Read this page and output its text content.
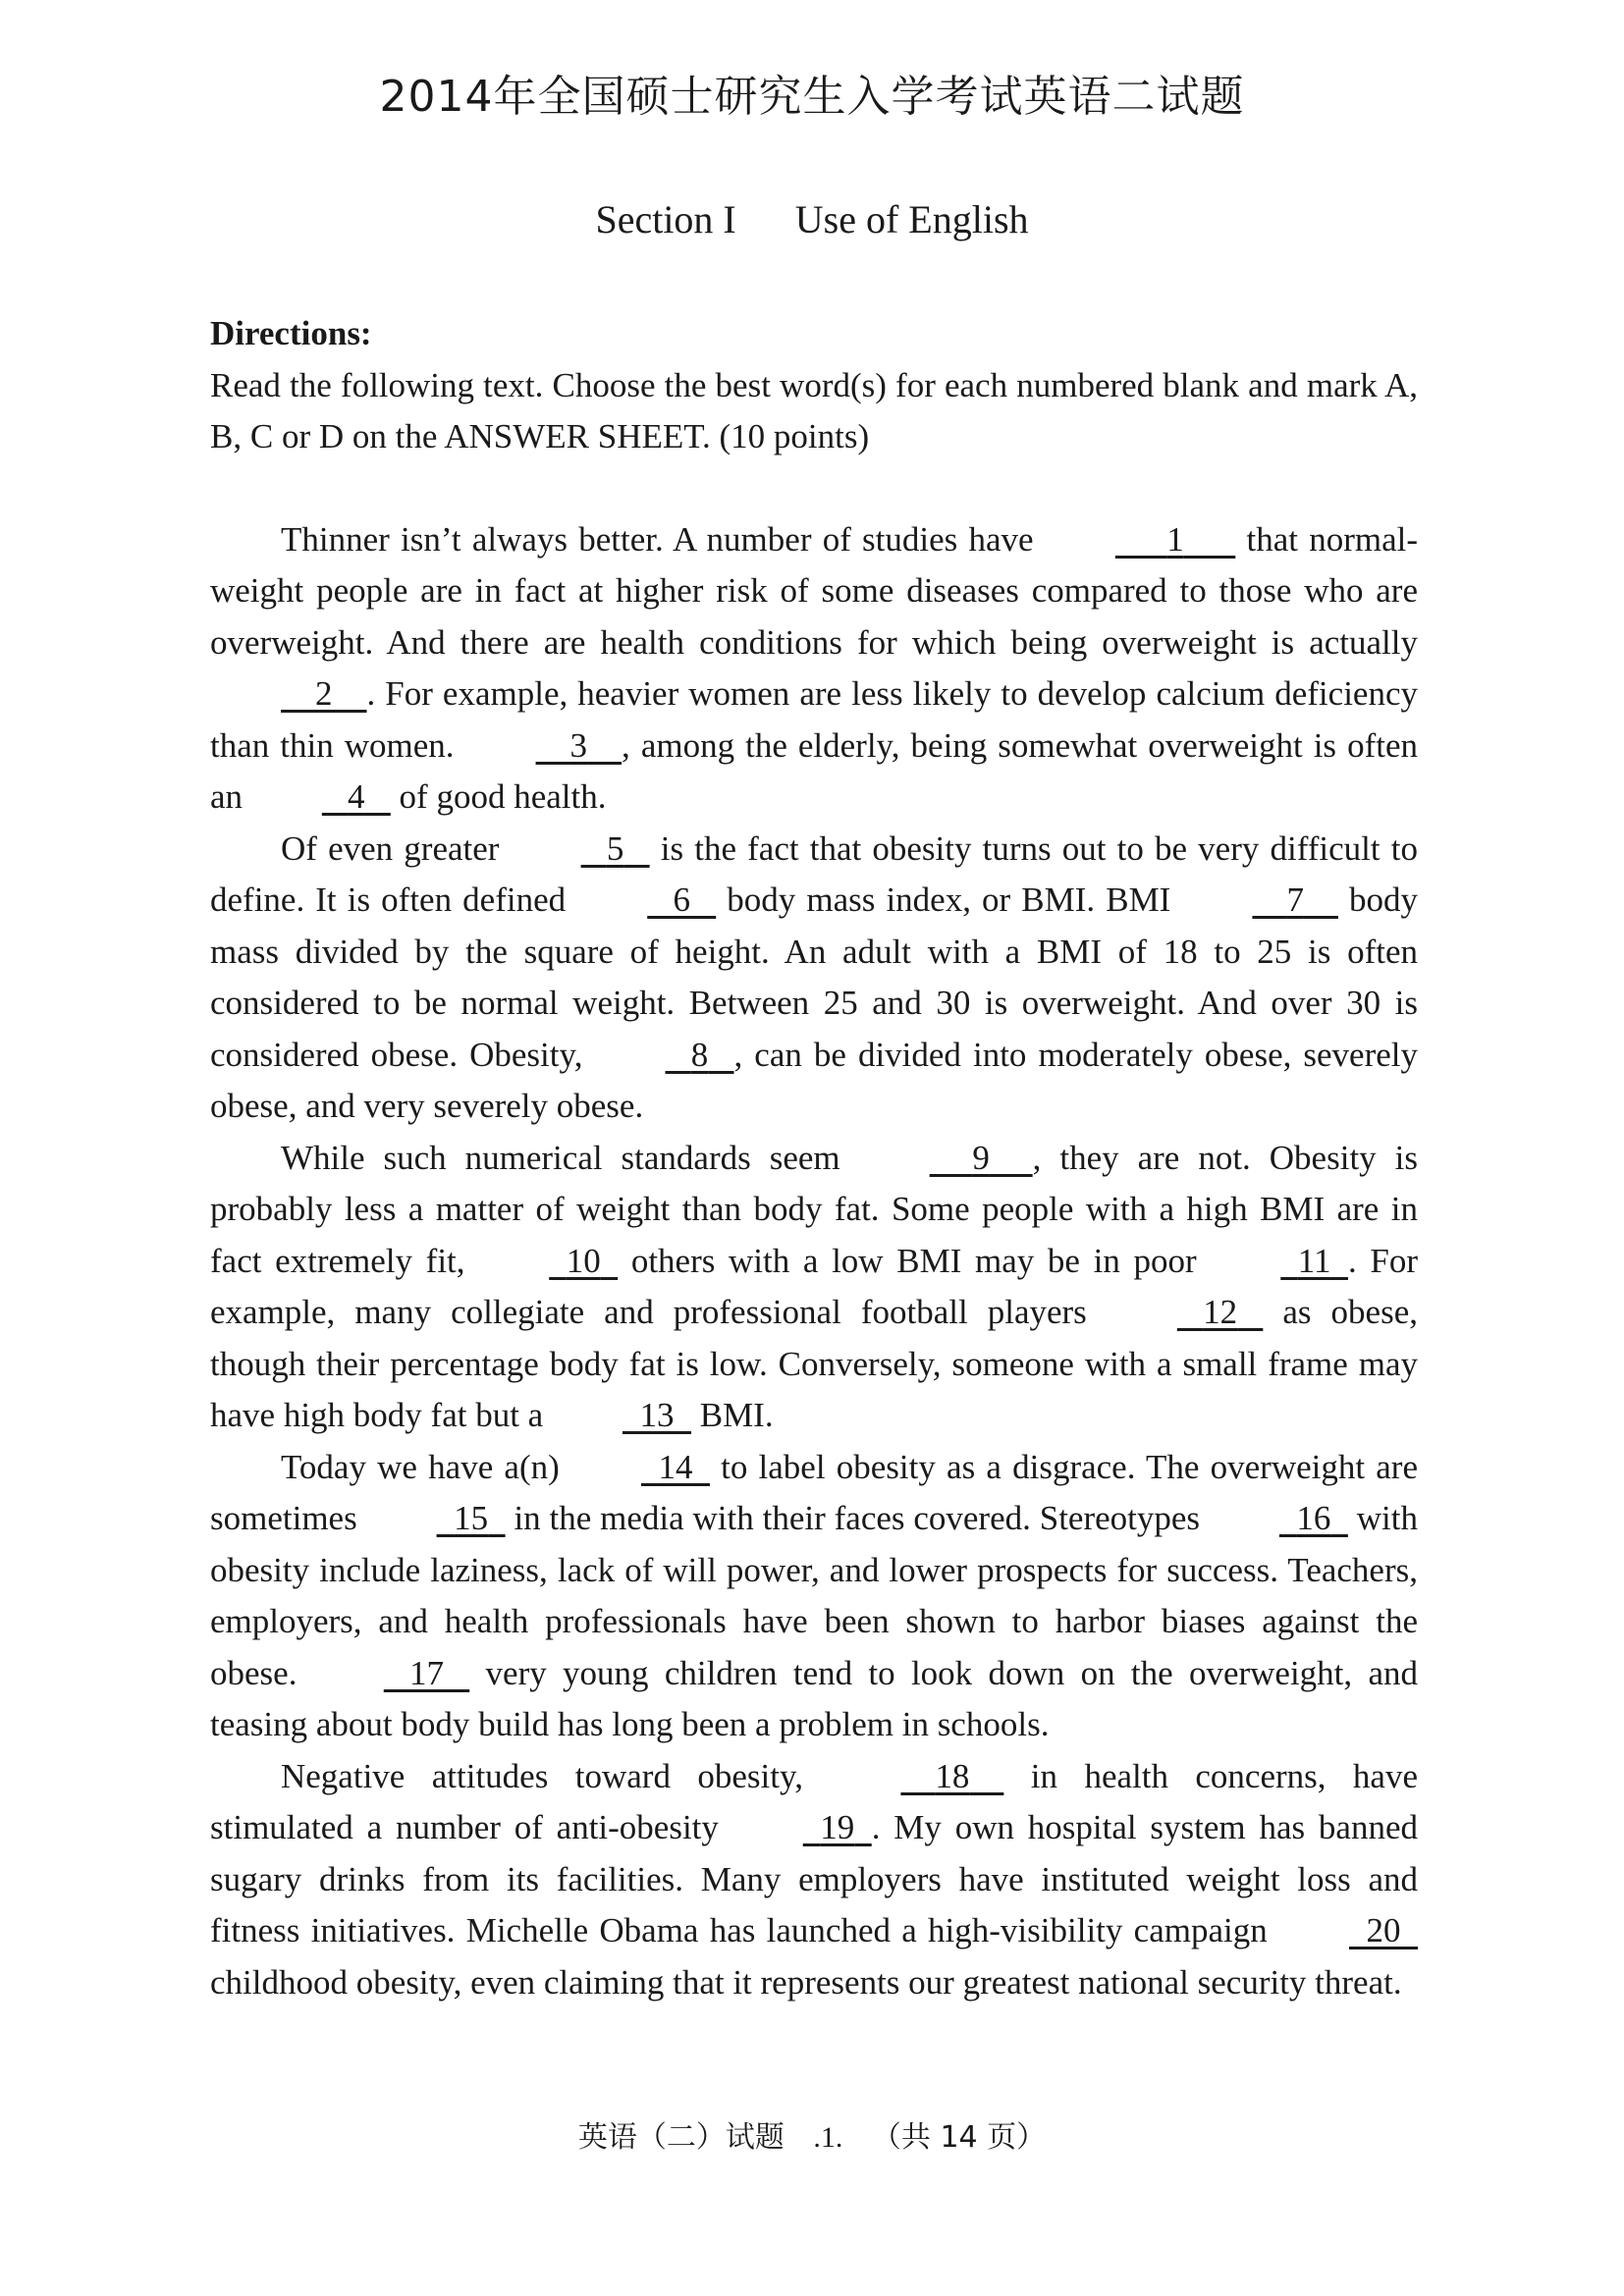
2014年全国硕士研究生入学考试英语二试题
Section I Use of English
Directions:
Read the following text. Choose the best word(s) for each numbered blank and mark A, B, C or D on the ANSWER SHEET. (10 points)

Thinner isn’t always better. A number of studies have	1       that normal-weight people are in fact at higher risk of some diseases compared to those who are overweight. And there are health conditions for which being overweight is actually     2 . For example, heavier women are less likely to develop calcium deficiency than thin women.	3 , among the elderly, being somewhat overweight is often an	4    of good health.

Of even greater	5    is the fact that obesity turns out to be very difficult to define. It is often defined	6    body mass index, or BMI. BMI	7     body mass divided by the square of height. An adult with a BMI of 18 to 25 is often considered to be normal weight. Between 25 and 30 is overweight. And over 30 is considered obese. Obesity,	8 , can be divided into moderately obese, severely obese, and very severely obese.

While such numerical standards seem	9 , they are not. Obesity is probably less a matter of weight than body fat. Some people with a high BMI are in fact extremely fit,	10   others with a low BMI may be in poor	11 . For example, many collegiate and professional football players	12    as obese, though their percentage body fat is low. Conversely, someone with a small frame may have high body fat but a	13   BMI.

Today we have a(n)	14   to label obesity as a disgrace. The overweight are sometimes	15   in the media with their faces covered. Stereotypes	16   with obesity include laziness, lack of will power, and lower prospects for success. Teachers, employers, and health professionals have been shown to harbor biases against the obese.	17    very young children tend to look down on the overweight, and teasing about body build has long been a problem in schools.

Negative attitudes toward obesity,	18     in health concerns, have stimulated a number of anti-obesity	19 . My own hospital system has banned sugary drinks from its facilities. Many employers have instituted weight loss and fitness initiatives. Michelle Obama has launched a high-visibility campaign	20   childhood obesity, even claiming that it represents our greatest national security threat.

英语（二）试题 .1. （共 14 页）
